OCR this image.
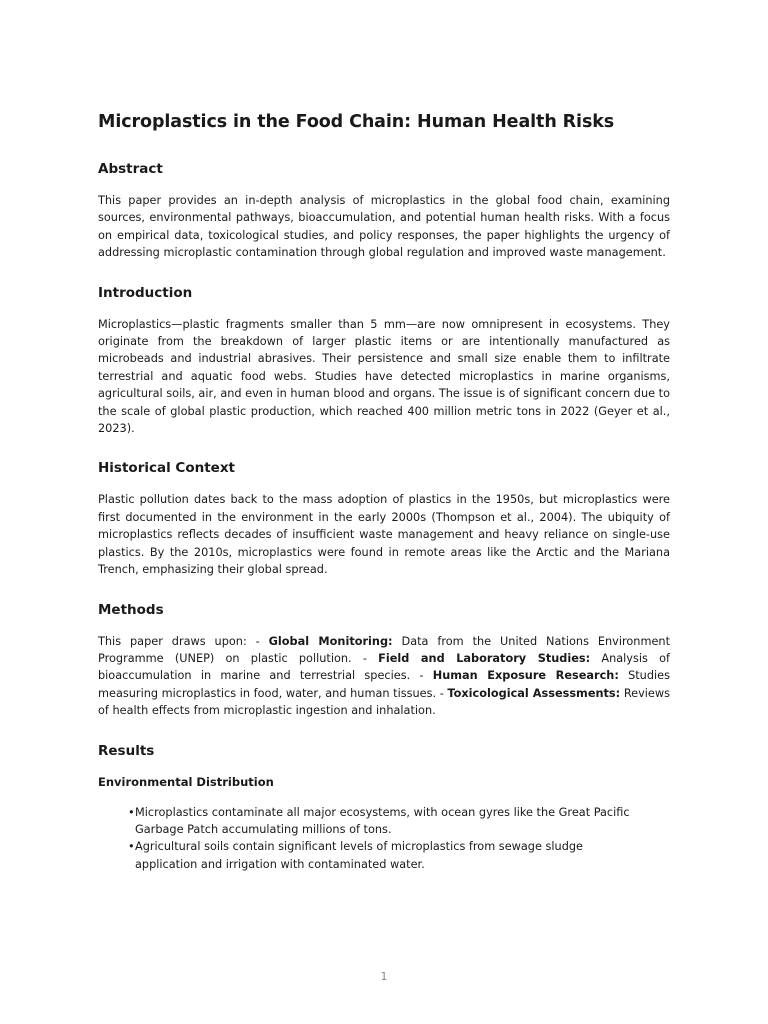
Microplastics in the Food Chain: Human Health Risks
Abstract

This paper provides an in-depth analysis of microplastics in the global food chain, examining sources, environmental pathways, bioaccumulation, and potential human health risks. With a focus on empirical data, toxicological studies, and policy responses, the paper highlights the urgency of addressing microplastic contamination through global regulation and improved waste management.

Introduction

Microplastics—plastic fragments smaller than 5 mm—are now omnipresent in ecosystems. They originate from the breakdown of larger plastic items or are intentionally manufactured as microbeads and industrial abrasives. Their persistence and small size enable them to infiltrate terrestrial and aquatic food webs. Studies have detected microplastics in marine organisms, agricultural soils, air, and even in human blood and organs. The issue is of significant concern due to the scale of global plastic production, which reached 400 million metric tons in 2022 (Geyer et al., 2023).

Historical Context

Plastic pollution dates back to the mass adoption of plastics in the 1950s, but microplastics were first documented in the environment in the early 2000s (Thompson et al., 2004). The ubiquity of microplastics reflects decades of insufficient waste management and heavy reliance on single-use plastics. By the 2010s, microplastics were found in remote areas like the Arctic and the Mariana Trench, emphasizing their global spread.

Methods

This paper draws upon: - Global Monitoring: Data from the United Nations Environment Programme (UNEP) on plastic pollution. - Field and Laboratory Studies: Analysis of bioaccumulation in marine and terrestrial species. - Human Exposure Research: Studies measuring microplastics in food, water, and human tissues. - Toxicological Assessments: Reviews of health effects from microplastic ingestion and inhalation.

Results
Environmental Distribution
• Microplastics contaminate all major ecosystems, with ocean gyres like the Great Pacific Garbage Patch accumulating millions of tons.
• Agricultural soils contain significant levels of microplastics from sewage sludge application and irrigation with contaminated water.
1
